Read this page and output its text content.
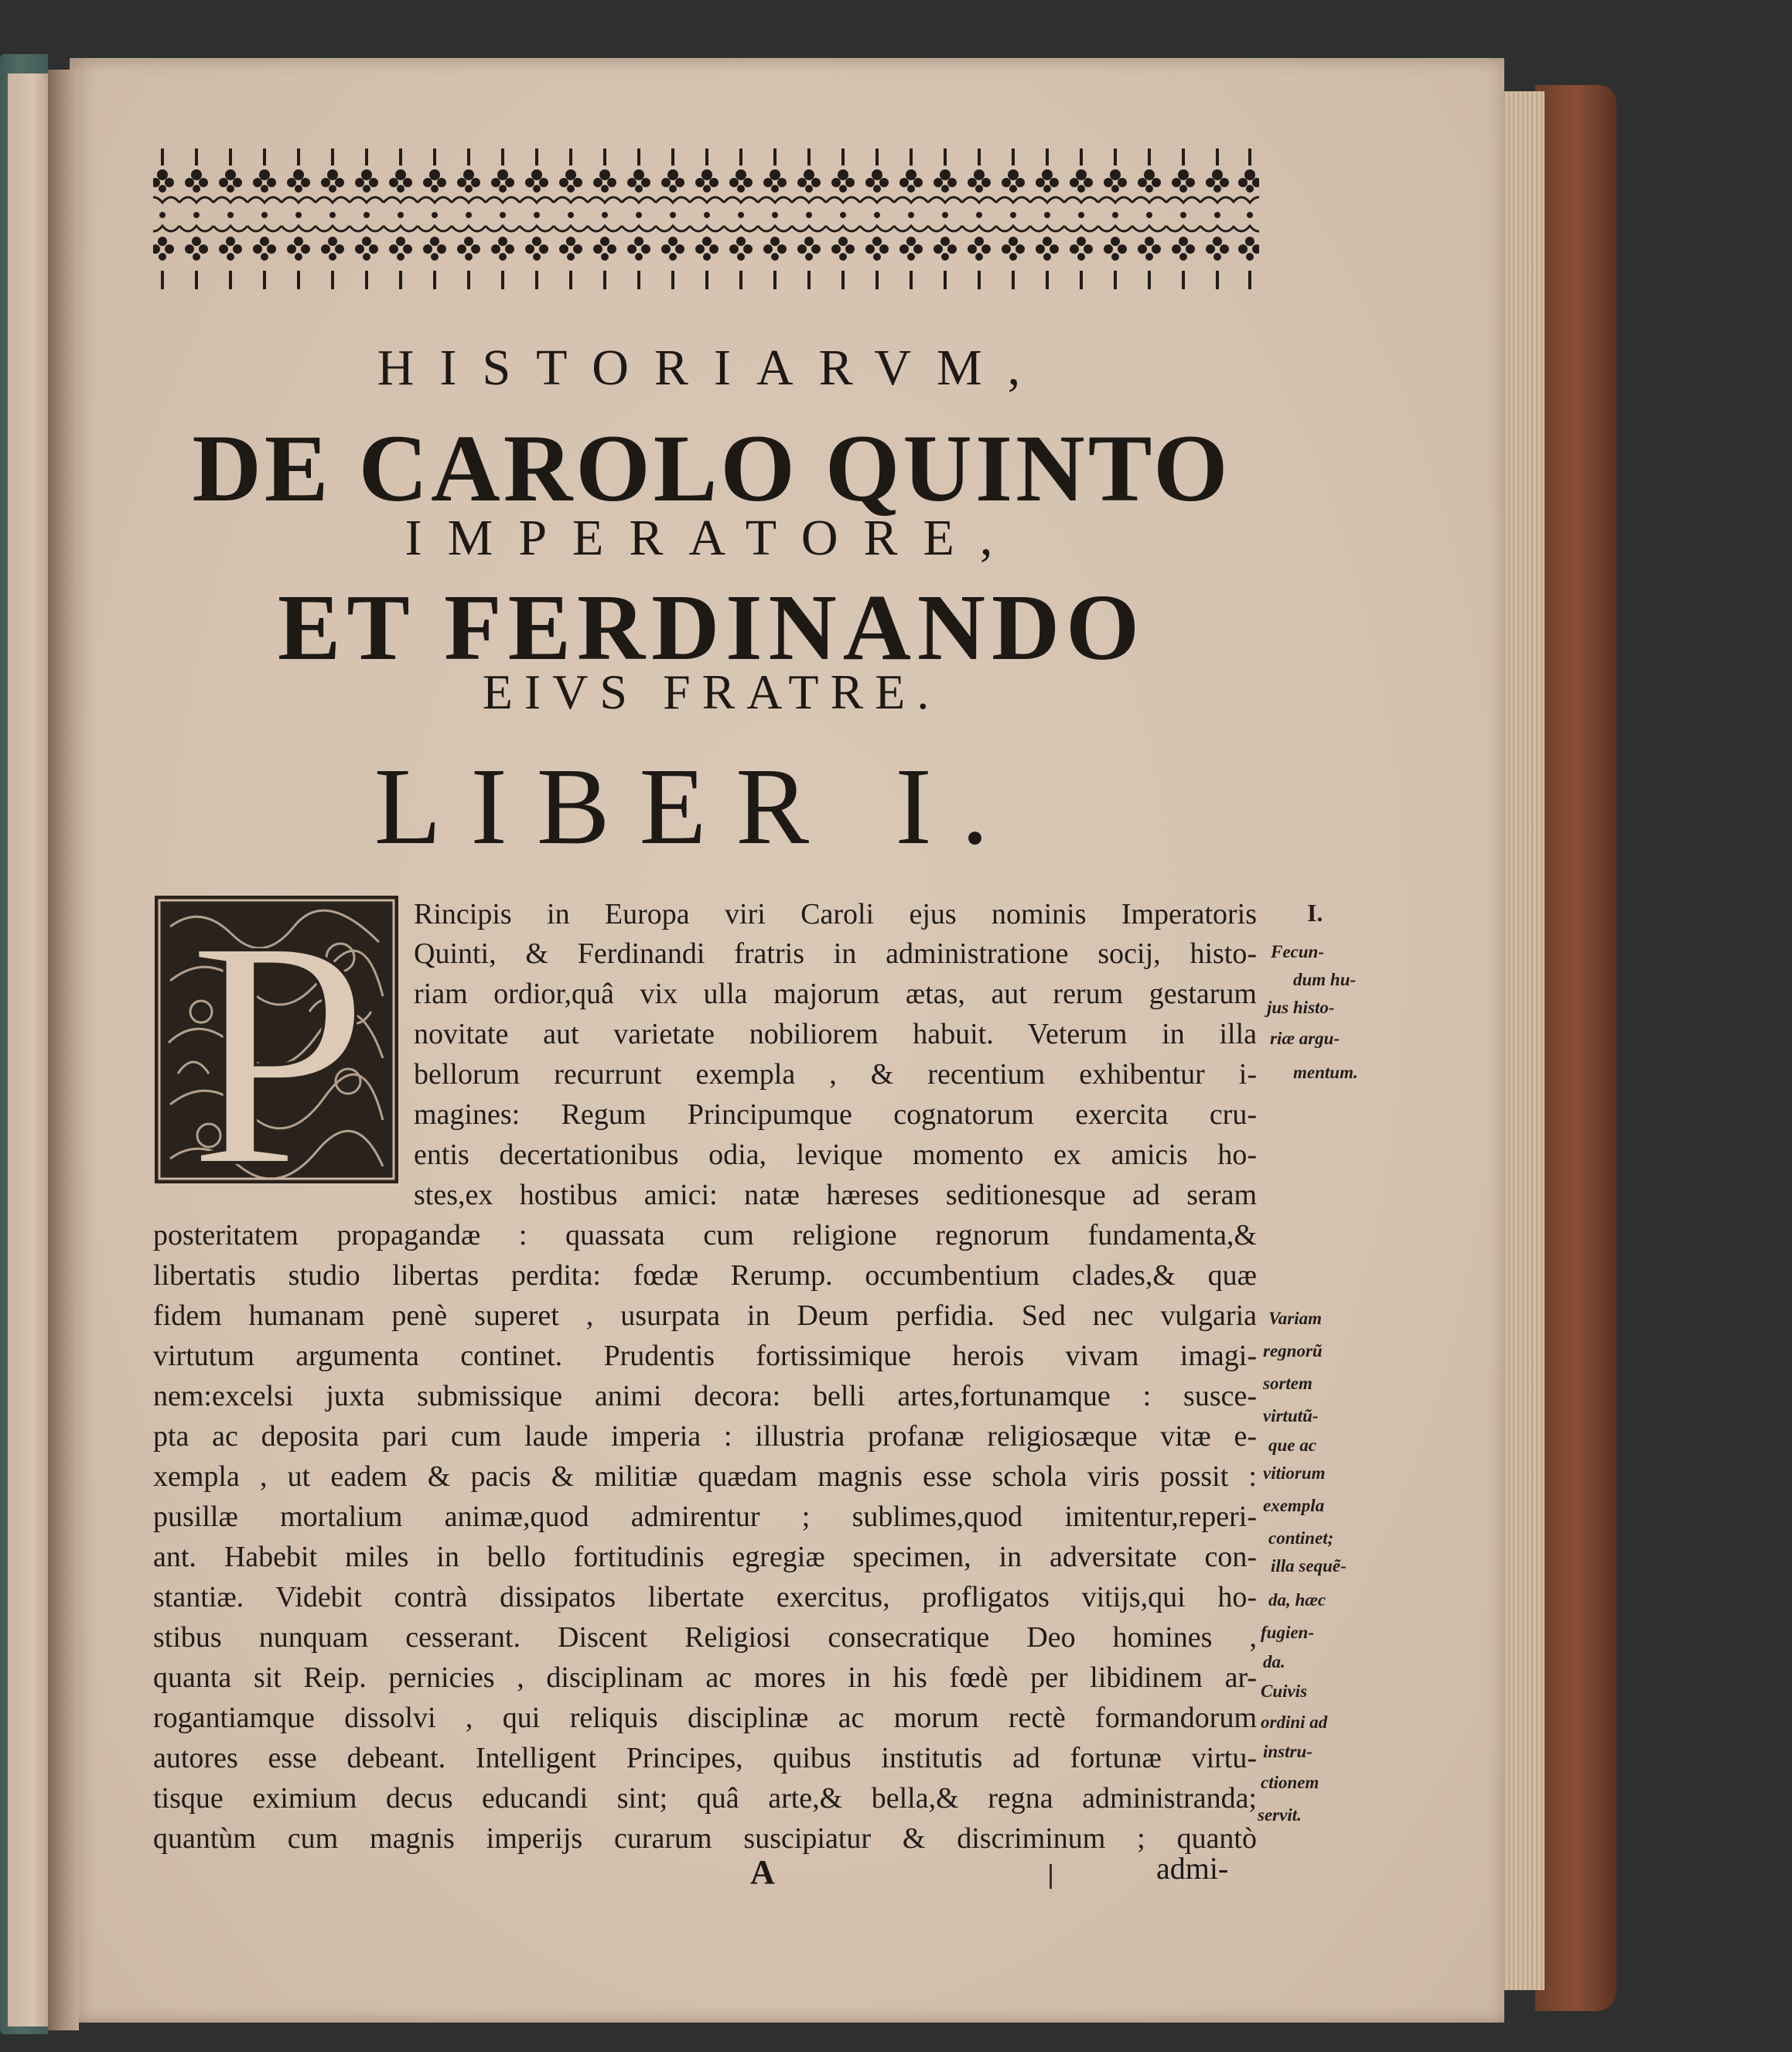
HISTORIARVM,
DE CAROLO QUINTO
IMPERATORE,
ET FERDINANDO
EIVS FRATRE.
LIBER I.
P Rincipis in Europa viri Caroli ejus nominis Imperatoris
Quinti, & Ferdinandi fratris in administratione socij, histo-
riam ordior,quâ vix ulla majorum ætas, aut rerum gestarum
novitate aut varietate nobiliorem habuit. Veterum in illa
bellorum recurrunt exempla , & recentium exhibentur i-
magines: Regum Principumque cognatorum exercita cru-
entis decertationibus odia, levique momento ex amicis ho-
stes,ex hostibus amici: natæ hæreses seditionesque ad seram
posteritatem propagandæ : quassata cum religione regnorum fundamenta,&
libertatis studio libertas perdita: fœdæ Rerump. occumbentium clades,& quæ
fidem humanam penè superet , usurpata in Deum perfidia. Sed nec vulgaria
virtutum argumenta continet. Prudentis fortissimique herois vivam imagi-
nem:excelsi juxta submissique animi decora: belli artes,fortunamque : susce-
pta ac deposita pari cum laude imperia : illustria profanæ religiosæque vitæ e-
xempla , ut eadem & pacis & militiæ quædam magnis esse schola viris possit :
pusillæ mortalium animæ,quod admirentur ; sublimes,quod imitentur,reperi-
ant. Habebit miles in bello fortitudinis egregiæ specimen, in adversitate con-
stantiæ. Videbit contrà dissipatos libertate exercitus, profligatos vitijs,qui ho-
stibus nunquam cesserant. Discent Religiosi consecratique Deo homines ,
quanta sit Reip. pernicies , disciplinam ac mores in his fœdè per libidinem ar-
rogantiamque dissolvi , qui reliquis disciplinæ ac morum rectè formandorum
autores esse debeant. Intelligent Principes, quibus institutis ad fortunæ virtu-
tisque eximium decus educandi sint; quâ arte,& bella,& regna administranda;
quantùm cum magnis imperijs curarum suscipiatur & discriminum ; quantò
I.
Fecun-
dum hu-
jus histo-
riæ argu-
mentum.
Variam
regnorũ
sortem
virtutũ-
que ac
vitiorum
exempla
continet;
illa sequẽ-
da, hæc
fugien-
da.
Cuivis
ordini ad
instru-
ctionem
servit.
A	admi-
